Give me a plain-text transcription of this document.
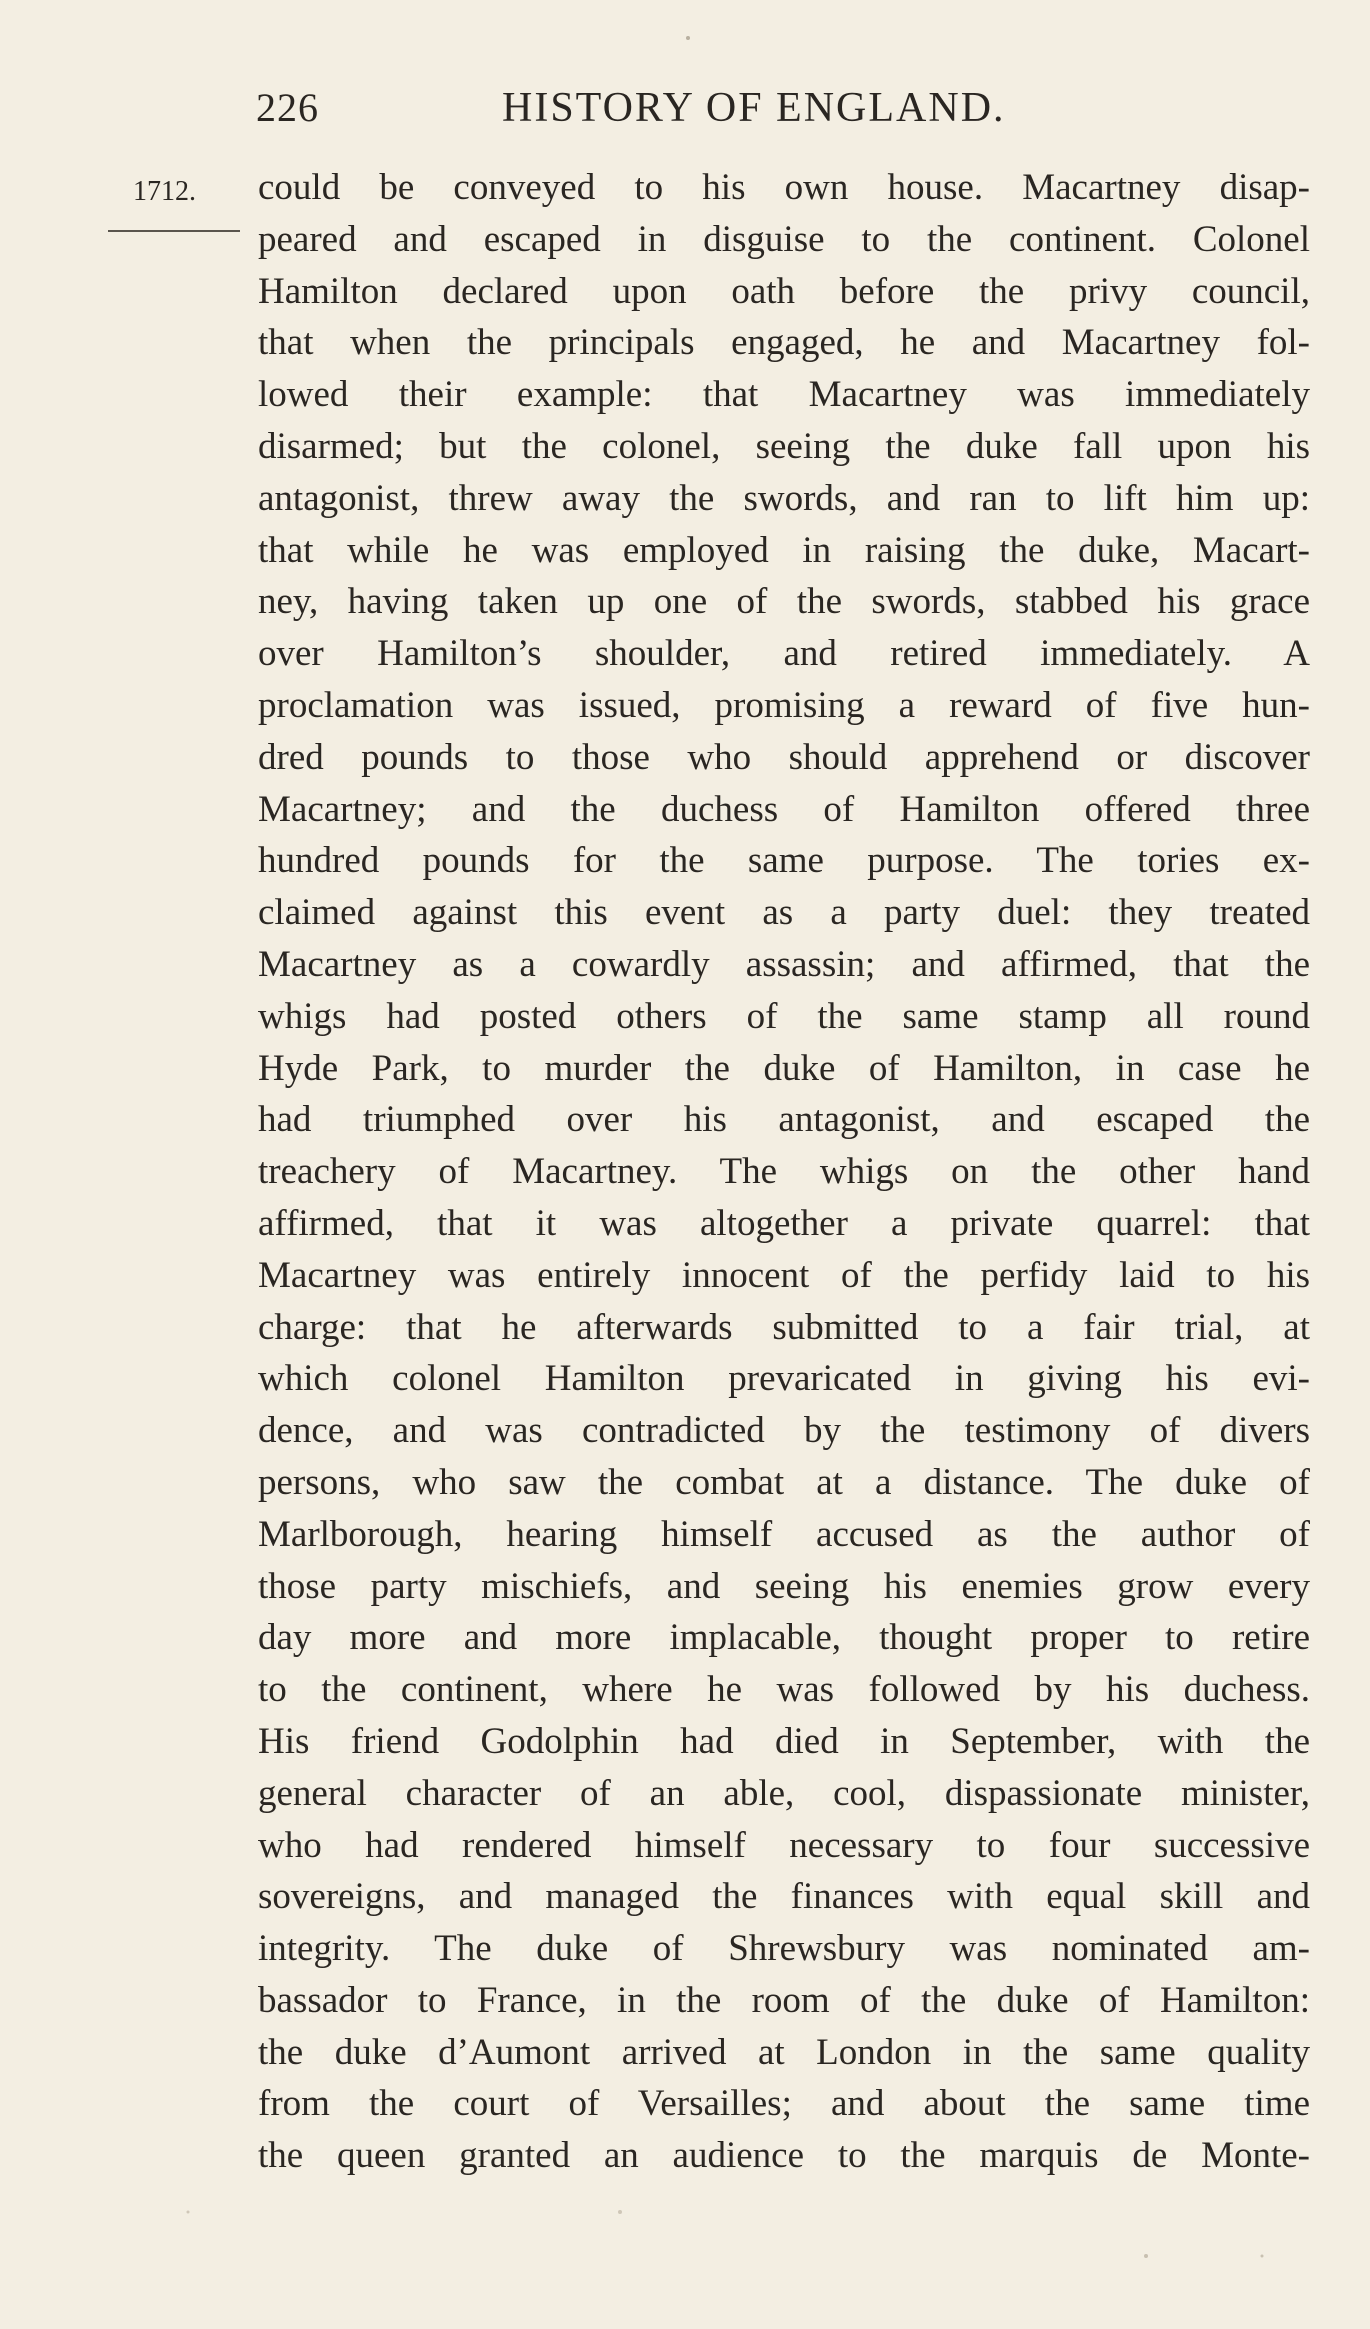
226	HISTORY OF ENGLAND.
1712. could be conveyed to his own house. Macartney disap-
peared and escaped in disguise to the continent. Colonel
Hamilton declared upon oath before the privy council,
that when the principals engaged, he and Macartney fol-
lowed their example: that Macartney was immediately
disarmed; but the colonel, seeing the duke fall upon his
antagonist, threw away the swords, and ran to lift him up:
that while he was employed in raising the duke, Macart-
ney, having taken up one of the swords, stabbed his grace
over Hamilton’s shoulder, and retired immediately. A
proclamation was issued, promising a reward of five hun-
dred pounds to those who should apprehend or discover
Macartney; and the duchess of Hamilton offered three
hundred pounds for the same purpose. The tories ex-
claimed against this event as a party duel: they treated
Macartney as a cowardly assassin; and affirmed, that the
whigs had posted others of the same stamp all round
Hyde Park, to murder the duke of Hamilton, in case he
had triumphed over his antagonist, and escaped the
treachery of Macartney. The whigs on the other hand
affirmed, that it was altogether a private quarrel: that
Macartney was entirely innocent of the perfidy laid to his
charge: that he afterwards submitted to a fair trial, at
which colonel Hamilton prevaricated in giving his evi-
dence, and was contradicted by the testimony of divers
persons, who saw the combat at a distance. The duke of
Marlborough, hearing himself accused as the author of
those party mischiefs, and seeing his enemies grow every
day more and more implacable, thought proper to retire
to the continent, where he was followed by his duchess.
His friend Godolphin had died in September, with the
general character of an able, cool, dispassionate minister,
who had rendered himself necessary to four successive
sovereigns, and managed the finances with equal skill and
integrity. The duke of Shrewsbury was nominated am-
bassador to France, in the room of the duke of Hamilton:
the duke d’Aumont arrived at London in the same quality
from the court of Versailles; and about the same time
the queen granted an audience to the marquis de Monte-
